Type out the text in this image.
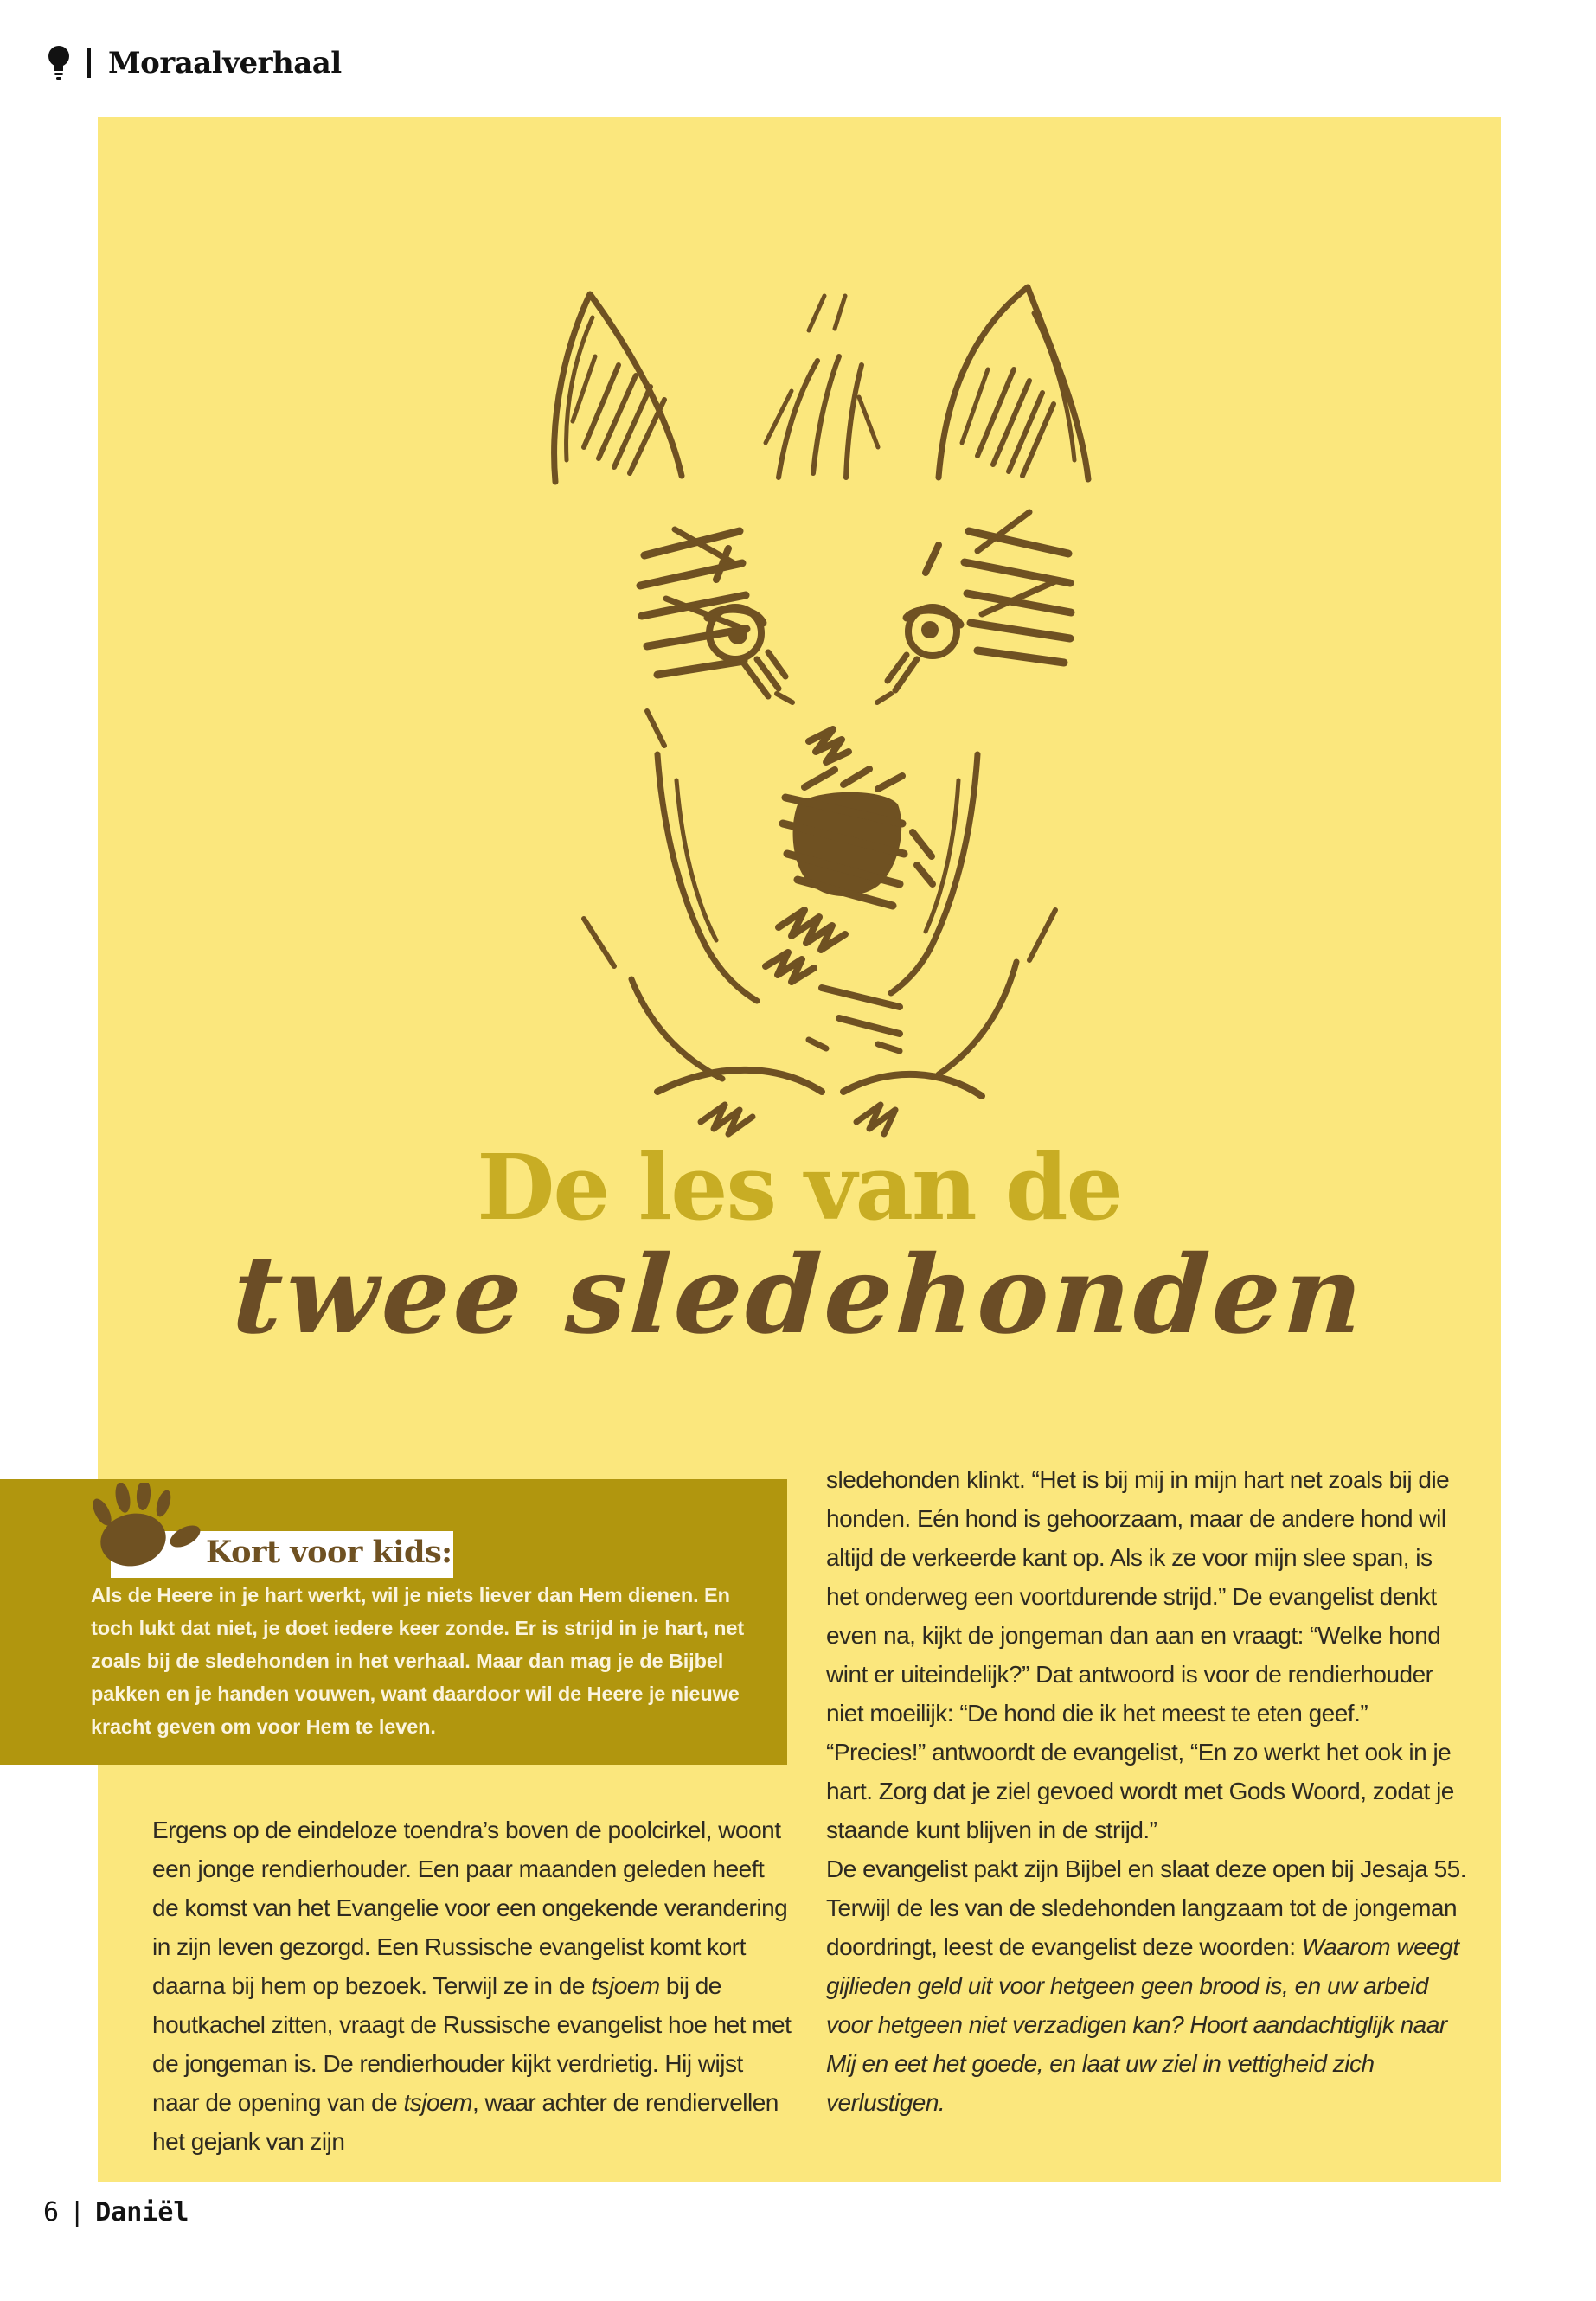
Moraalverhaal
De les van de
twee sledehonden
Kort voor kids:

Als de Heere in je hart werkt, wil je niets liever dan Hem dienen. En toch lukt dat niet, je doet iedere keer zonde. Er is strijd in je hart, net zoals bij de sledehonden in het verhaal. Maar dan mag je de Bijbel pakken en je handen vouwen, want daardoor wil de Heere je nieuwe kracht geven om voor Hem te leven.

Ergens op de eindeloze toendra’s boven de poolcirkel, woont een jonge rendierhouder. Een paar maanden geleden heeft de komst van het Evangelie voor een ongekende verandering in zijn leven gezorgd. Een Russische evangelist komt kort daarna bij hem op bezoek. Terwijl ze in de tsjoem bij de houtkachel zitten, vraagt de Russische evangelist hoe het met de jongeman is. De rendierhouder kijkt verdrietig. Hij wijst naar de opening van de tsjoem, waar achter de rendiervellen het gejank van zijn

sledehonden klinkt. “Het is bij mij in mijn hart net zoals bij die honden. Eén hond is gehoorzaam, maar de andere hond wil altijd de verkeerde kant op. Als ik ze voor mijn slee span, is het onderweg een voortdurende strijd.” De evangelist denkt even na, kijkt de jongeman dan aan en vraagt: “Welke hond wint er uiteindelijk?” Dat antwoord is voor de rendierhouder niet moeilijk: “De hond die ik het meest te eten geef.”

“Precies!” antwoordt de evangelist, “En zo werkt het ook in je hart. Zorg dat je ziel gevoed wordt met Gods Woord, zodat je staande kunt blijven in de strijd.”

De evangelist pakt zijn Bijbel en slaat deze open bij Jesaja 55. Terwijl de les van de sledehonden langzaam tot de jongeman doordringt, leest de evangelist deze woorden: Waarom weegt gijlieden geld uit voor hetgeen geen brood is, en uw arbeid voor hetgeen niet verzadigen kan? Hoort aandachtiglijk naar Mij en eet het goede, en laat uw ziel in vettigheid zich verlustigen.

6 | Daniël
